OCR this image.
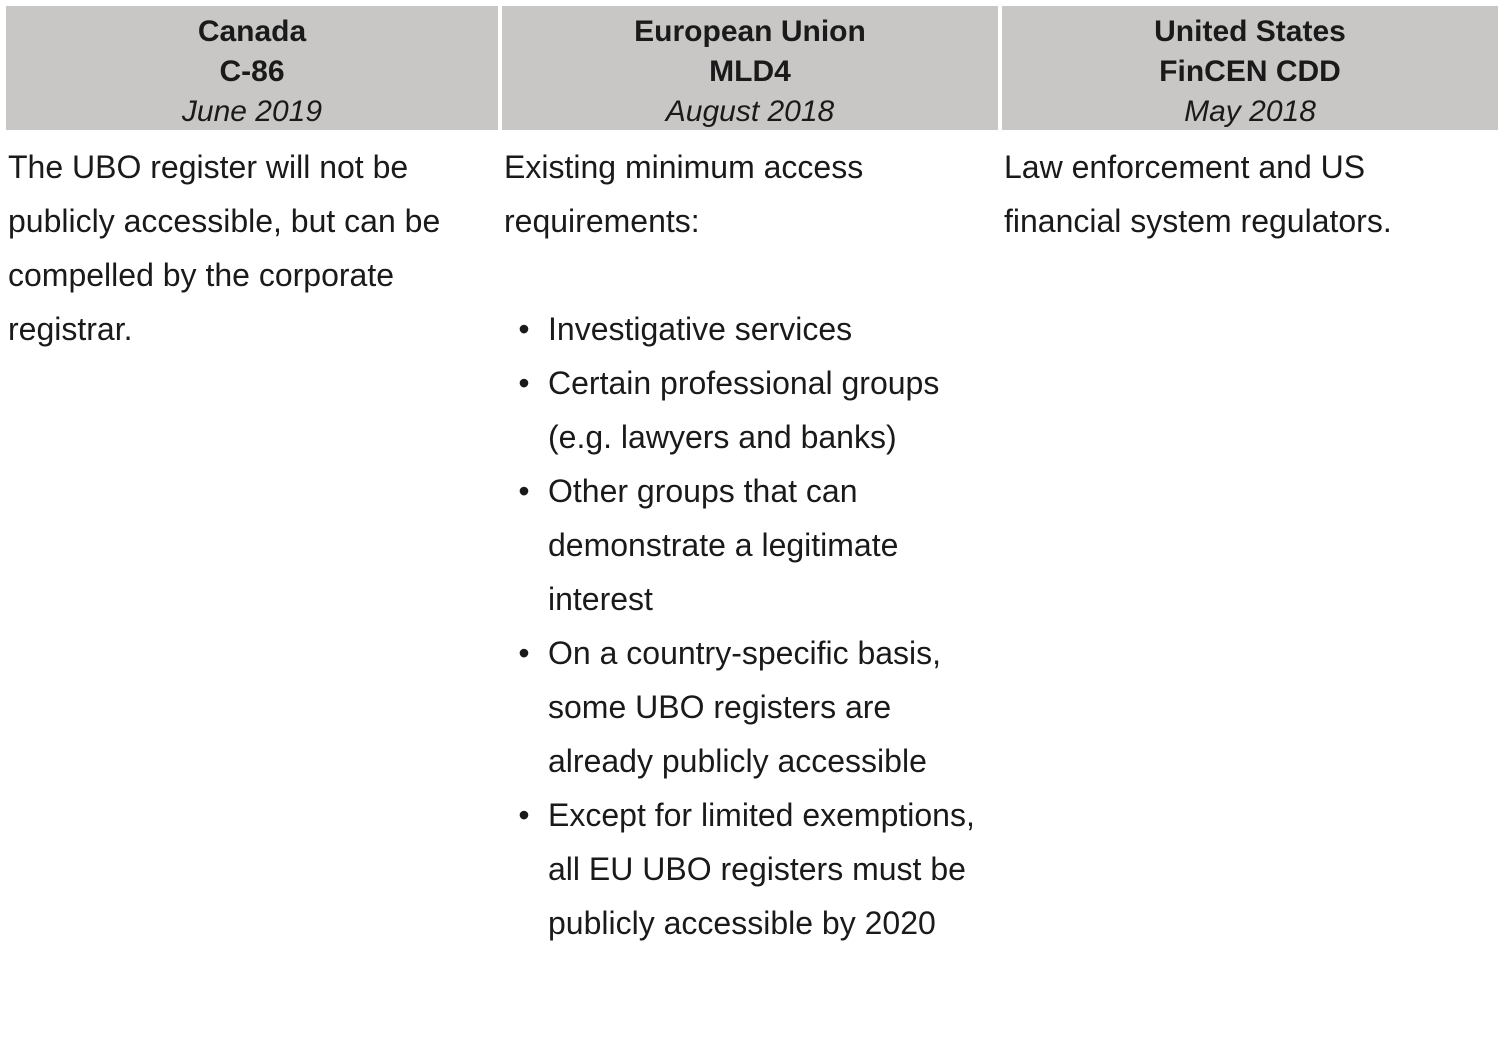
Canada
C-86
June 2019
European Union
MLD4
August 2018
United States
FinCEN CDD
May 2018
The UBO register will not be publicly accessible, but can be compelled by the corporate registrar.
Existing minimum access requirements:
• Investigative services
• Certain professional groups (e.g. lawyers and banks)
• Other groups that can demonstrate a legitimate interest
• On a country-specific basis, some UBO registers are already publicly accessible
• Except for limited exemptions, all EU UBO registers must be publicly accessible by 2020
Law enforcement and US financial system regulators.
